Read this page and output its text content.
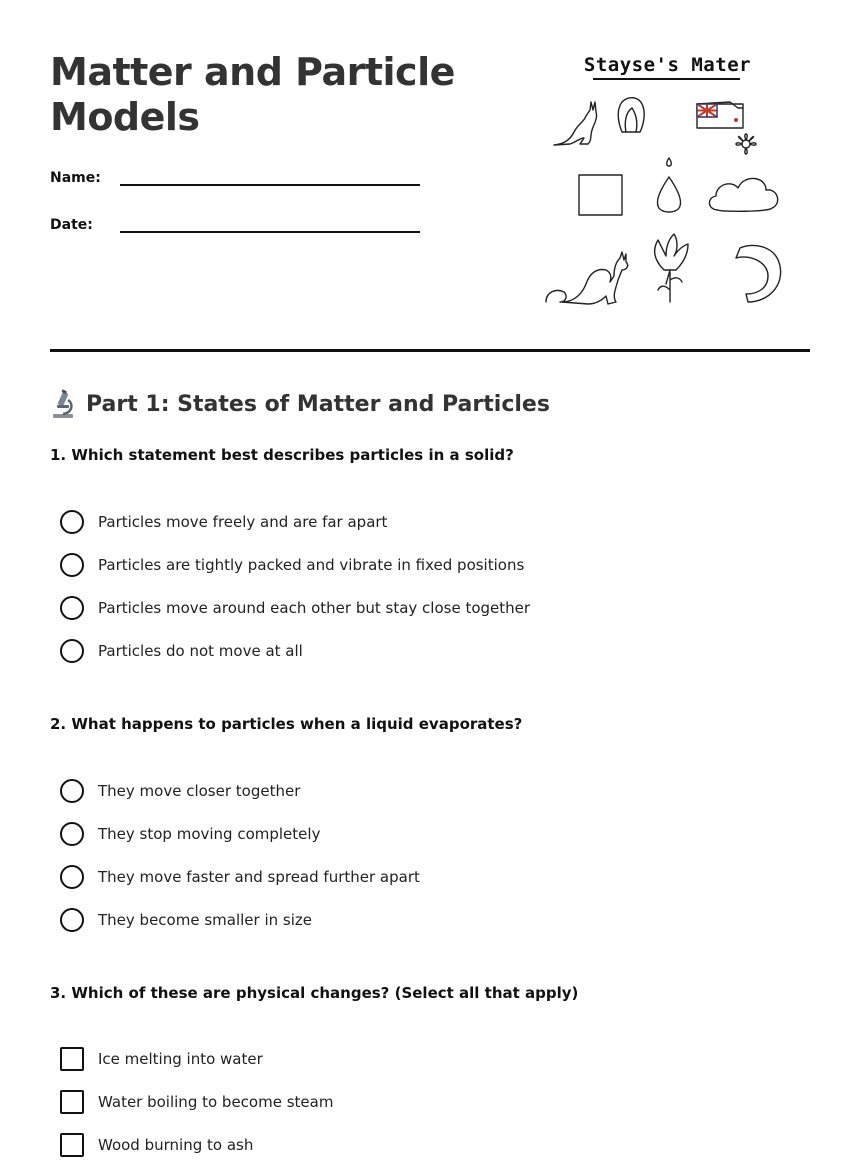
Matter and Particle Models
Name:
Date:
Stayse's Mater
Part 1: States of Matter and Particles
1. Which statement best describes particles in a solid?
Particles move freely and are far apart
Particles are tightly packed and vibrate in fixed positions
Particles move around each other but stay close together
Particles do not move at all
2. What happens to particles when a liquid evaporates?
They move closer together
They stop moving completely
They move faster and spread further apart
They become smaller in size
3. Which of these are physical changes? (Select all that apply)
Ice melting into water
Water boiling to become steam
Wood burning to ash
